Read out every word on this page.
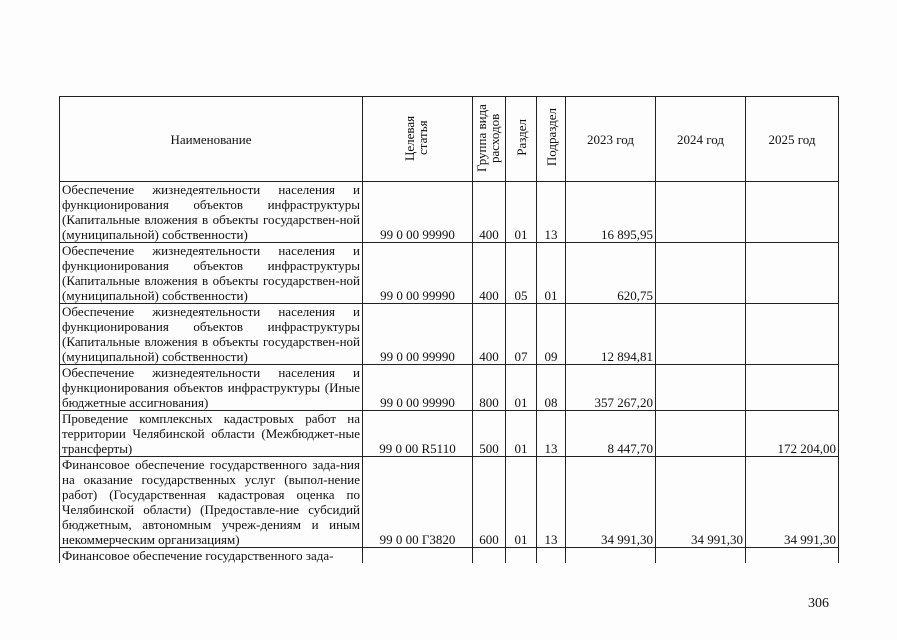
Наименование	Целевая статья	Группа вида расходов	Раздел	Подраздел	2023 год	2024 год	2025 год
Обеспечение жизнедеятельности населения и функционирования объектов инфраструктуры (Капитальные вложения в объекты государствен-ной (муниципальной) собственности)	99 0 00 99990	400	01	13	16 895,95		
Обеспечение жизнедеятельности населения и функционирования объектов инфраструктуры (Капитальные вложения в объекты государствен-ной (муниципальной) собственности)	99 0 00 99990	400	05	01	620,75		
Обеспечение жизнедеятельности населения и функционирования объектов инфраструктуры (Капитальные вложения в объекты государствен-ной (муниципальной) собственности)	99 0 00 99990	400	07	09	12 894,81		
Обеспечение жизнедеятельности населения и функционирования объектов инфраструктуры (Иные бюджетные ассигнования)	99 0 00 99990	800	01	08	357 267,20		
Проведение комплексных кадастровых работ на территории Челябинской области (Межбюджет-ные трансферты)	99 0 00 R5110	500	01	13	8 447,70		172 204,00
Финансовое обеспечение государственного зада-ния на оказание государственных услуг (выпол-нение работ) (Государственная кадастровая оценка по Челябинской области) (Предоставле-ние субсидий бюджетным, автономным учреж-дениям и иным некоммерческим организациям)	99 0 00 Г3820	600	01	13	34 991,30	34 991,30	34 991,30
Финансовое обеспечение государственного зада-							
306
